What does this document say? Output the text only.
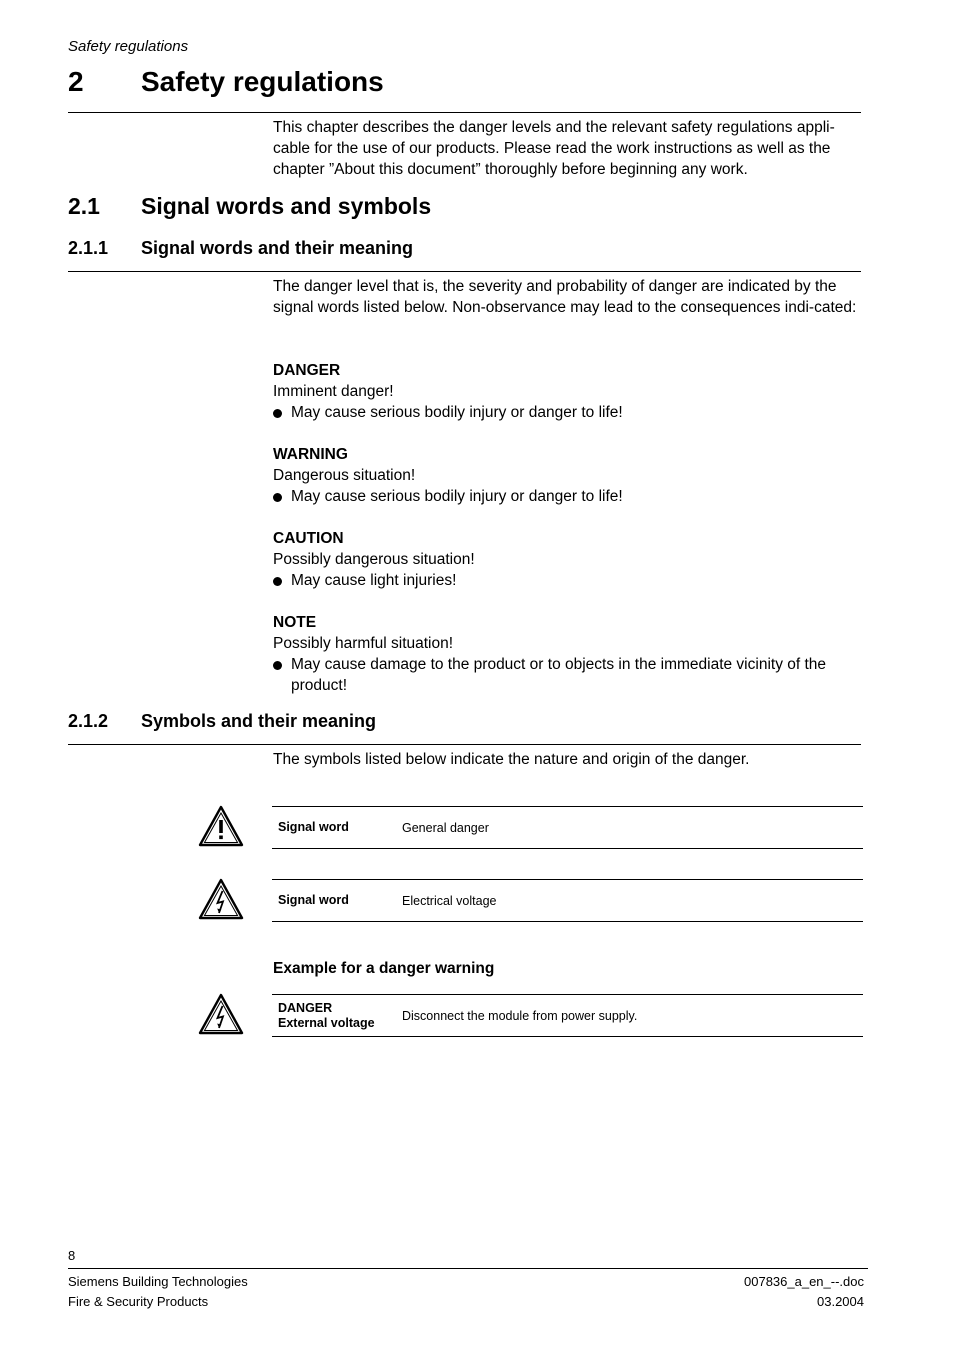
Safety regulations
2 Safety regulations

This chapter describes the danger levels and the relevant safety regulations appli-cable for the use of our products. Please read the work instructions as well as the chapter ”About this document” thoroughly before beginning any work.

2.1 Signal words and symbols
2.1.1 Signal words and their meaning

The danger level that is, the severity and probability of danger are indicated by the signal words listed below. Non-observance may lead to the consequences indi-cated:

DANGER
Imminent danger!
May cause serious bodily injury or danger to life!
WARNING
Dangerous situation!
May cause serious bodily injury or danger to life!
CAUTION
Possibly dangerous situation!
May cause light injuries!
NOTE
Possibly harmful situation!
May cause damage to the product or to objects in the immediate vicinity of the product!
2.1.2 Symbols and their meaning

The symbols listed below indicate the nature and origin of the danger.

Signal word	General danger
Signal word	Electrical voltage
Example for a danger warning
DANGER
External voltage Disconnect the module from power supply.
8
Siemens Building Technologies
Fire & Security Products
007836_a_en_--.doc
03.2004
